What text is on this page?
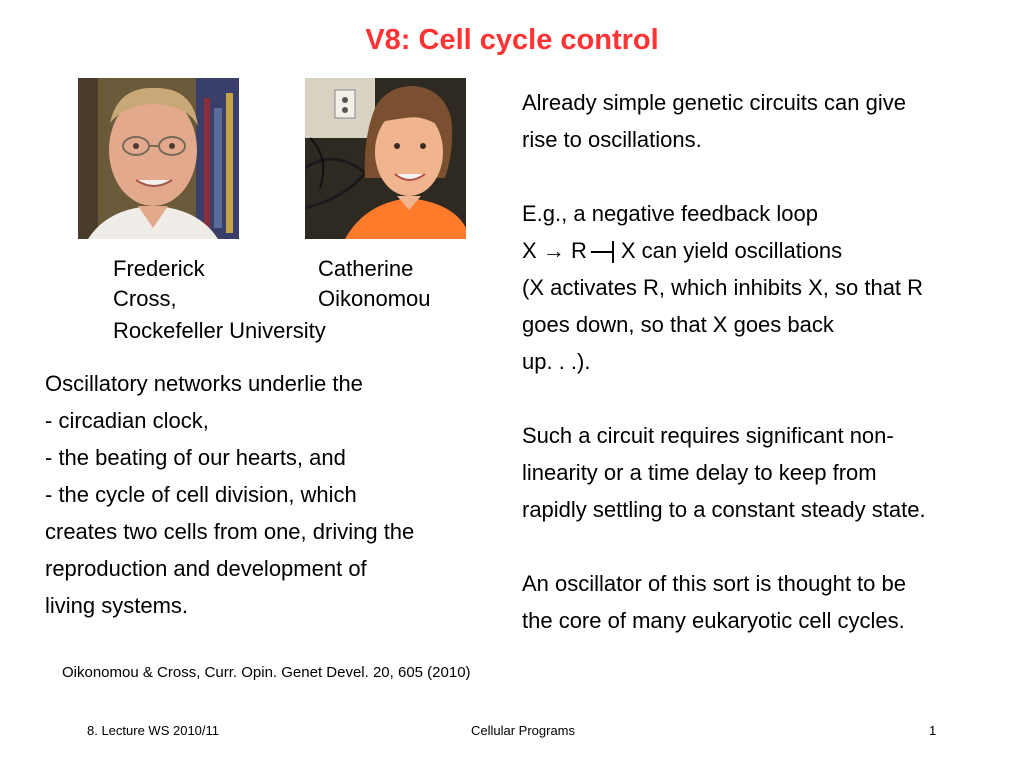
V8: Cell cycle control
Frederick
Cross,
Catherine
Oikonomou
Rockefeller University
Oscillatory networks underlie the
- circadian clock,
- the beating of our hearts, and
- the cycle of cell division, which
creates two cells from one, driving the
reproduction and development of
living systems.
Already simple genetic circuits can give
rise to oscillations.
E.g., a negative feedback loop
X → R X can yield oscillations
(X activates R, which inhibits X, so that R
goes down, so that X goes back
up. . .).
Such a circuit requires significant non-
linearity or a time delay to keep from
rapidly settling to a constant steady state.
An oscillator of this sort is thought to be
the core of many eukaryotic cell cycles.
Oikonomou & Cross, Curr. Opin. Genet Devel. 20, 605 (2010)
8. Lecture WS 2010/11	Cellular Programs	1
